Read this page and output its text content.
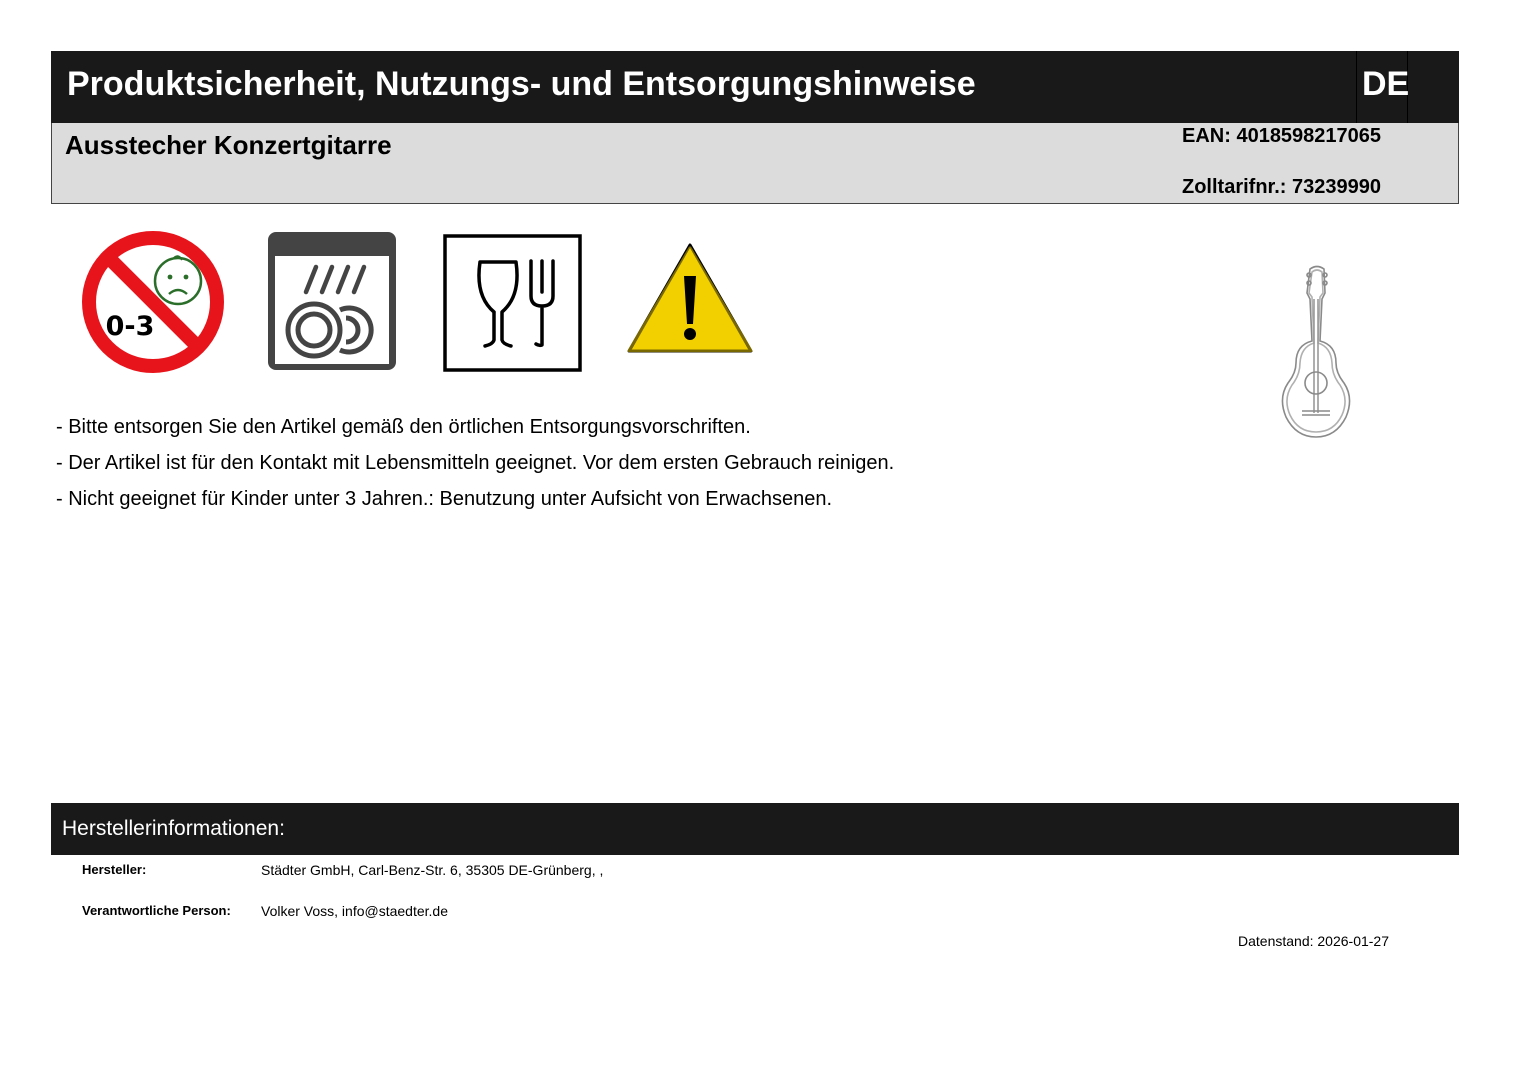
Produktsicherheit, Nutzungs- und Entsorgungshinweise	DE
Ausstecher Konzertgitarre	EAN: 4018598217065
Zolltarifnr.: 73239990
0-3
- Bitte entsorgen Sie den Artikel gemäß den örtlichen Entsorgungsvorschriften.
- Der Artikel ist für den Kontakt mit Lebensmitteln geeignet. Vor dem ersten Gebrauch reinigen.
- Nicht geeignet für Kinder unter 3 Jahren.: Benutzung unter Aufsicht von Erwachsenen.
Herstellerinformationen:
Hersteller:	Städter GmbH, Carl-Benz-Str. 6, 35305 DE-Grünberg, ,
Verantwortliche Person: Volker Voss, info@staedter.de
Datenstand: 2026-01-27
